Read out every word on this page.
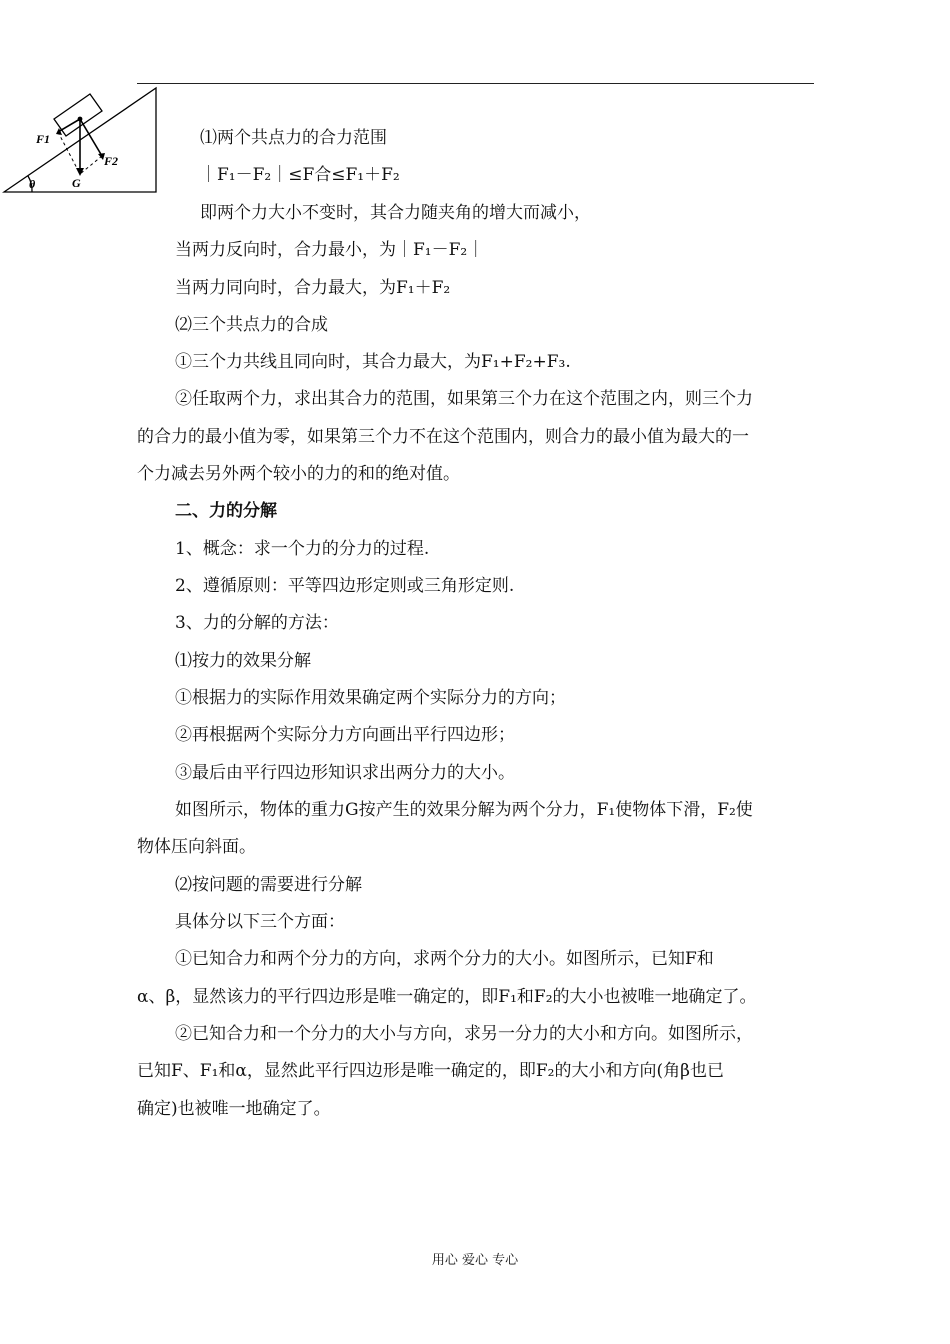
F1
F2
G
θ
⑴两个共点力的合力范围
｜F₁－F₂｜≤F合≤F₁＋F₂
即两个力大小不变时，其合力随夹角的增大而减小，
当两力反向时，合力最小，为｜F₁－F₂｜
当两力同向时，合力最大，为F₁＋F₂
⑵三个共点力的合成
①三个力共线且同向时，其合力最大，为F₁+F₂+F₃.
②任取两个力，求出其合力的范围，如果第三个力在这个范围之内，则三个力
的合力的最小值为零，如果第三个力不在这个范围内，则合力的最小值为最大的一
个力减去另外两个较小的力的和的绝对值。
二、力的分解
1、概念：求一个力的分力的过程.
2、遵循原则：平等四边形定则或三角形定则.
3、力的分解的方法：
⑴按力的效果分解
①根据力的实际作用效果确定两个实际分力的方向；
②再根据两个实际分力方向画出平行四边形；
③最后由平行四边形知识求出两分力的大小。
如图所示，物体的重力G按产生的效果分解为两个分力，F₁使物体下滑，F₂使
物体压向斜面。
⑵按问题的需要进行分解
具体分以下三个方面：
①已知合力和两个分力的方向，求两个分力的大小。如图所示，已知F和
α、β，显然该力的平行四边形是唯一确定的，即F₁和F₂的大小也被唯一地确定了。
②已知合力和一个分力的大小与方向，求另一分力的大小和方向。如图所示，
已知F、F₁和α，显然此平行四边形是唯一确定的，即F₂的大小和方向(角β也已
确定)也被唯一地确定了。
用心 爱心 专心
